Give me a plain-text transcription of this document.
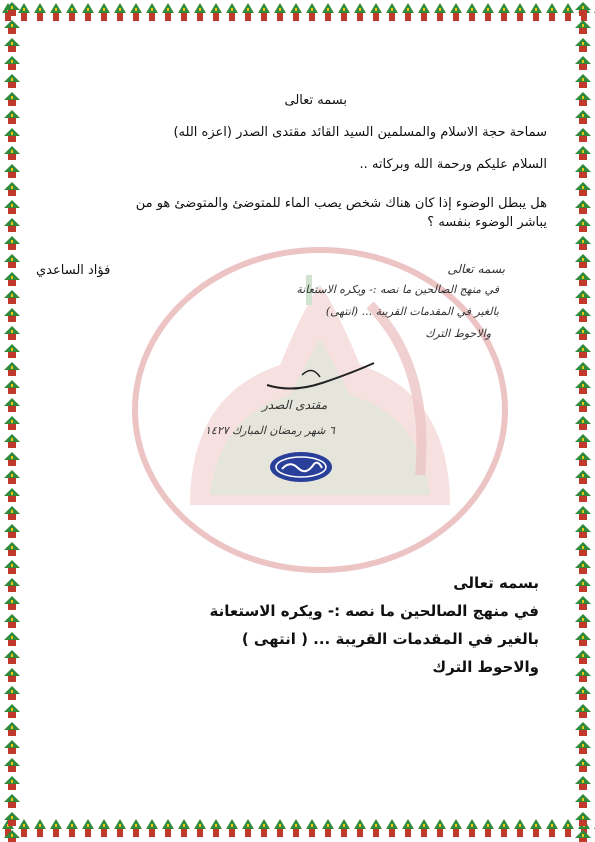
بسمه تعالى
سماحة حجة الاسلام والمسلمين السيد القائد مقتدى الصدر (اعزه الله)
السلام عليكم ورحمة الله وبركاته ..
هل يبطل الوضوء إذا كان هناك شخص يصب الماء للمتوضئ والمتوضئ هو من
يباشر الوضوء بنفسه ؟
فؤاد الساعدي	بسمه تعالى
في منهج الصالحين ما نصه :- ويكره الاستعانة
بالغير في المقدمات القريبة ... (انتهى)
والاحوط الترك
مقتدى الصدر
٦ شهر رمضان المبارك ١٤٢٧
بسمه تعالى
في منهج الصالحين ما نصه :- ويكره الاستعانة
بالغير في المقدمات القريبة ... ( انتهى )
والاحوط الترك
